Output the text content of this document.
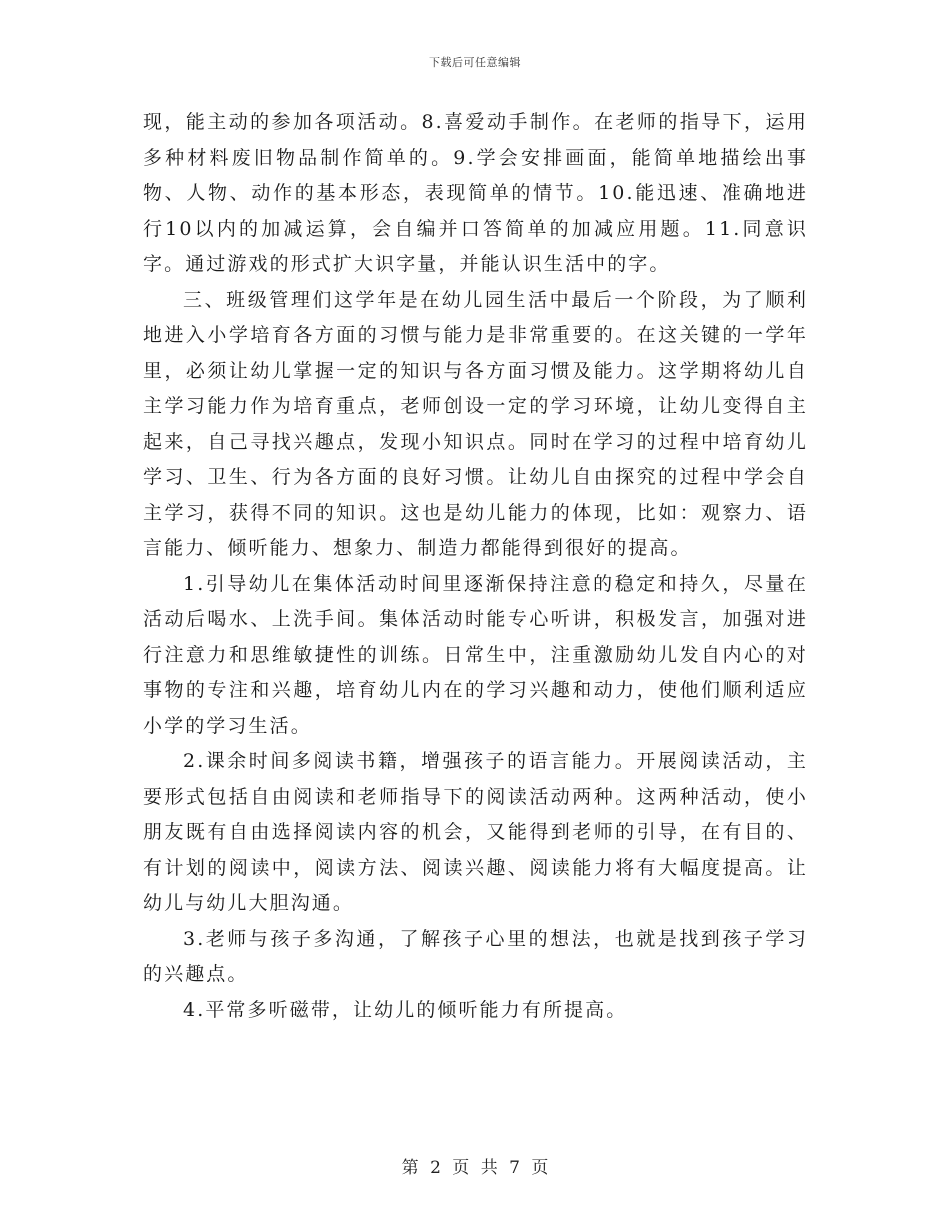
下载后可任意编辑

现，能主动的参加各项活动。8.喜爱动手制作。在老师的指导下，运用多种材料废旧物品制作简单的。9.学会安排画面，能简单地描绘出事物、人物、动作的基本形态，表现简单的情节。10.能迅速、准确地进行10以内的加减运算，会自编并口答简单的加减应用题。11.同意识字。通过游戏的形式扩大识字量，并能认识生活中的字。

三、班级管理们这学年是在幼儿园生活中最后一个阶段，为了顺利地进入小学培育各方面的习惯与能力是非常重要的。在这关键的一学年里，必须让幼儿掌握一定的知识与各方面习惯及能力。这学期将幼儿自主学习能力作为培育重点，老师创设一定的学习环境，让幼儿变得自主起来，自己寻找兴趣点，发现小知识点。同时在学习的过程中培育幼儿学习、卫生、行为各方面的良好习惯。让幼儿自由探究的过程中学会自主学习，获得不同的知识。这也是幼儿能力的体现，比如：观察力、语言能力、倾听能力、想象力、制造力都能得到很好的提高。

1.引导幼儿在集体活动时间里逐渐保持注意的稳定和持久，尽量在活动后喝水、上洗手间。集体活动时能专心听讲，积极发言，加强对进行注意力和思维敏捷性的训练。日常生中，注重激励幼儿发自内心的对事物的专注和兴趣，培育幼儿内在的学习兴趣和动力，使他们顺利适应小学的学习生活。

2.课余时间多阅读书籍，增强孩子的语言能力。开展阅读活动，主要形式包括自由阅读和老师指导下的阅读活动两种。这两种活动，使小朋友既有自由选择阅读内容的机会，又能得到老师的引导，在有目的、有计划的阅读中，阅读方法、阅读兴趣、阅读能力将有大幅度提高。让幼儿与幼儿大胆沟通。

3.老师与孩子多沟通，了解孩子心里的想法，也就是找到孩子学习的兴趣点。

4.平常多听磁带，让幼儿的倾听能力有所提高。

第 2 页 共 7 页
